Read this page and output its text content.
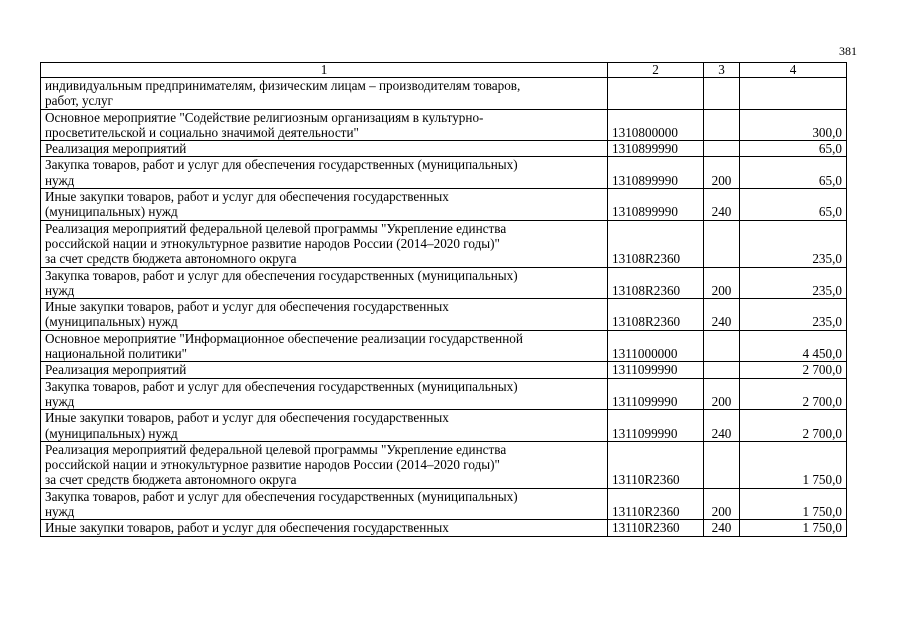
381
1	2	3	4
индивидуальным предпринимателям, физическим лицам – производителям товаров,
работ, услуг			
Основное мероприятие "Содействие религиозным организациям в культурно-
просветительской и социально значимой деятельности"	1310800000		300,0
Реализация мероприятий	1310899990		65,0
Закупка товаров, работ и услуг для обеспечения государственных (муниципальных)
нужд	1310899990	200	65,0
Иные закупки товаров, работ и услуг для обеспечения государственных
(муниципальных) нужд	1310899990	240	65,0
Реализация мероприятий федеральной целевой программы "Укрепление единства
российской нации и этнокультурное развитие народов России (2014–2020 годы)"
за счет средств бюджета автономного округа	13108R2360		235,0
Закупка товаров, работ и услуг для обеспечения государственных (муниципальных)
нужд	13108R2360	200	235,0
Иные закупки товаров, работ и услуг для обеспечения государственных
(муниципальных) нужд	13108R2360	240	235,0
Основное мероприятие "Информационное обеспечение реализации государственной
национальной политики"	1311000000		4 450,0
Реализация мероприятий	1311099990		2 700,0
Закупка товаров, работ и услуг для обеспечения государственных (муниципальных)
нужд	1311099990	200	2 700,0
Иные закупки товаров, работ и услуг для обеспечения государственных
(муниципальных) нужд	1311099990	240	2 700,0
Реализация мероприятий федеральной целевой программы "Укрепление единства
российской нации и этнокультурное развитие народов России (2014–2020 годы)"
за счет средств бюджета автономного округа	13110R2360		1 750,0
Закупка товаров, работ и услуг для обеспечения государственных (муниципальных)
нужд	13110R2360	200	1 750,0
Иные закупки товаров, работ и услуг для обеспечения государственных	13110R2360	240	1 750,0
